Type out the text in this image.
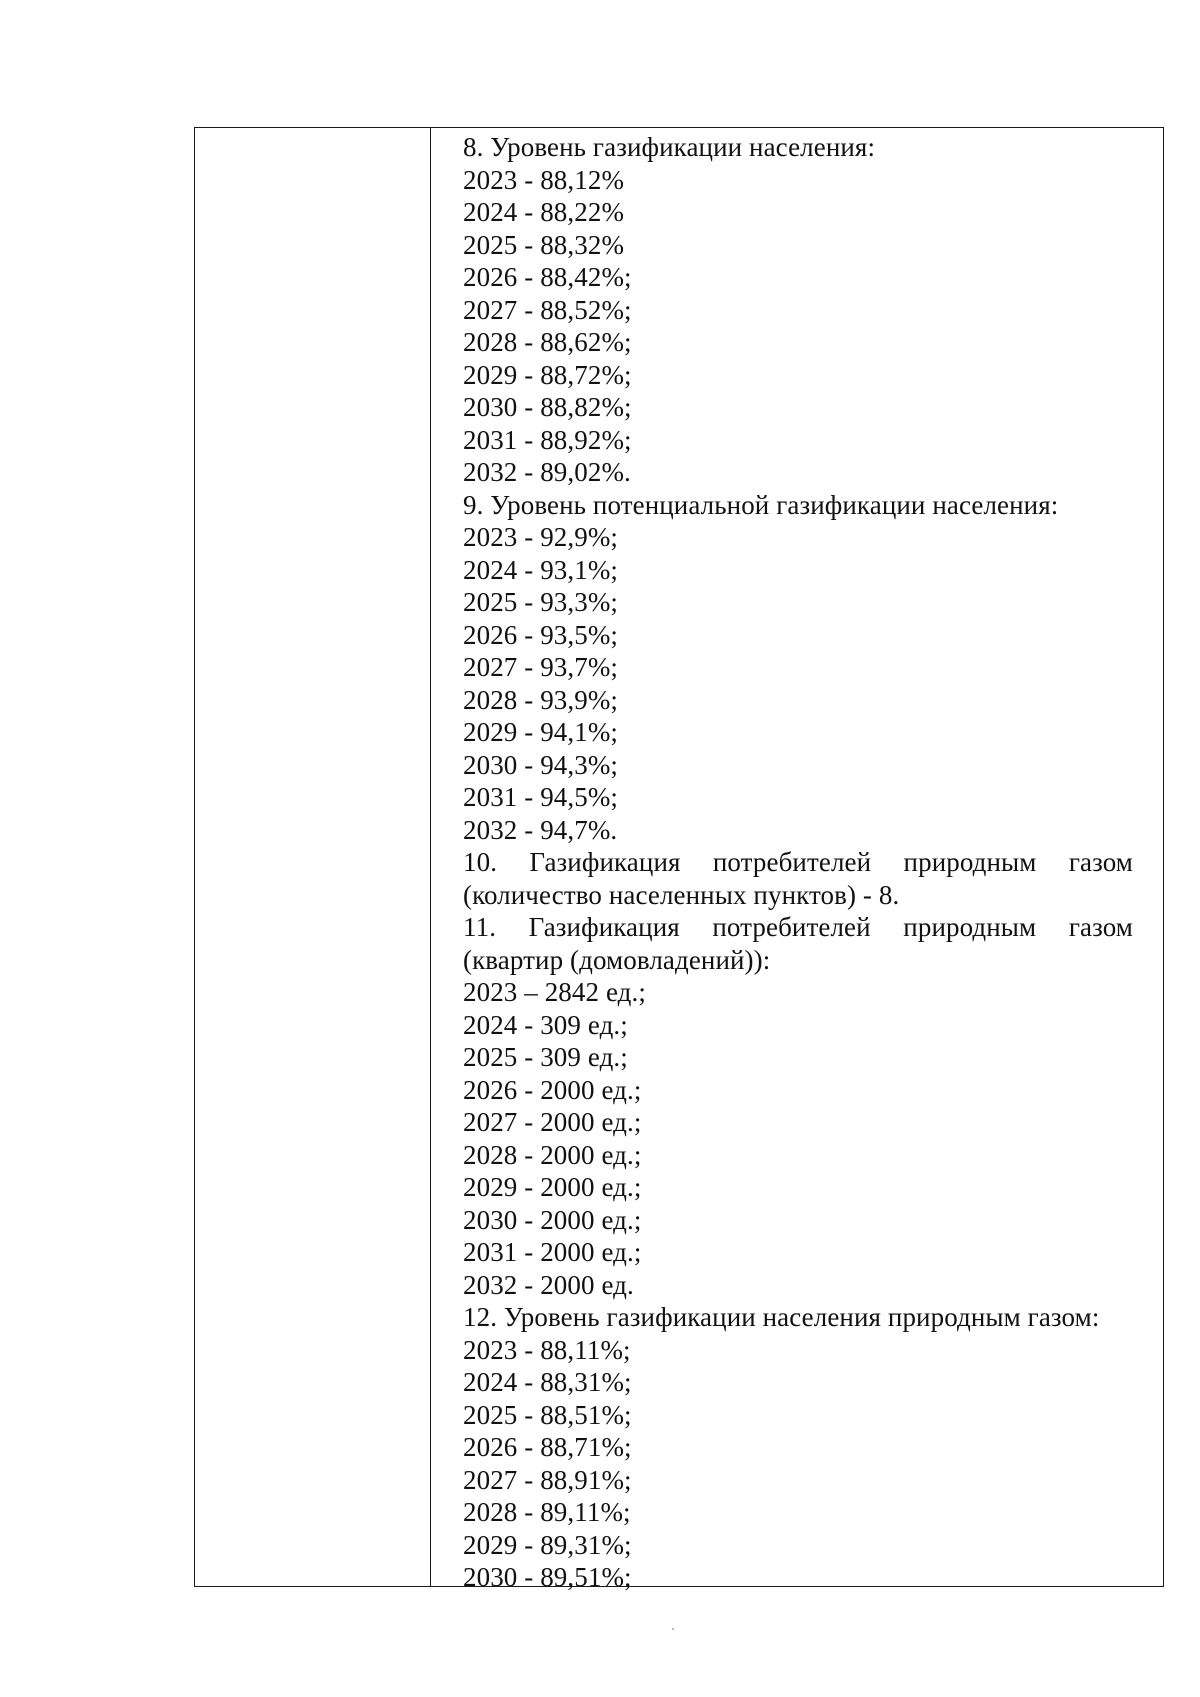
8. Уровень газификации населения:
2023 - 88,12%
2024 - 88,22%
2025 - 88,32%
2026 - 88,42%;
2027 - 88,52%;
2028 - 88,62%;
2029 - 88,72%;
2030 - 88,82%;
2031 - 88,92%;
2032 - 89,02%.
9. Уровень потенциальной газификации населения:
2023 - 92,9%;
2024 - 93,1%;
2025 - 93,3%;
2026 - 93,5%;
2027 - 93,7%;
2028 - 93,9%;
2029 - 94,1%;
2030 - 94,3%;
2031 - 94,5%;
2032 - 94,7%.
10. Газификация потребителей природным газом
(количество населенных пунктов) - 8.
11. Газификация потребителей природным газом
(квартир (домовладений)):
2023 – 2842 ед.;
2024 - 309 ед.;
2025 - 309 ед.;
2026 - 2000 ед.;
2027 - 2000 ед.;
2028 - 2000 ед.;
2029 - 2000 ед.;
2030 - 2000 ед.;
2031 - 2000 ед.;
2032 - 2000 ед.
12. Уровень газификации населения природным газом:
2023 - 88,11%;
2024 - 88,31%;
2025 - 88,51%;
2026 - 88,71%;
2027 - 88,91%;
2028 - 89,11%;
2029 - 89,31%;
2030 - 89,51%;
